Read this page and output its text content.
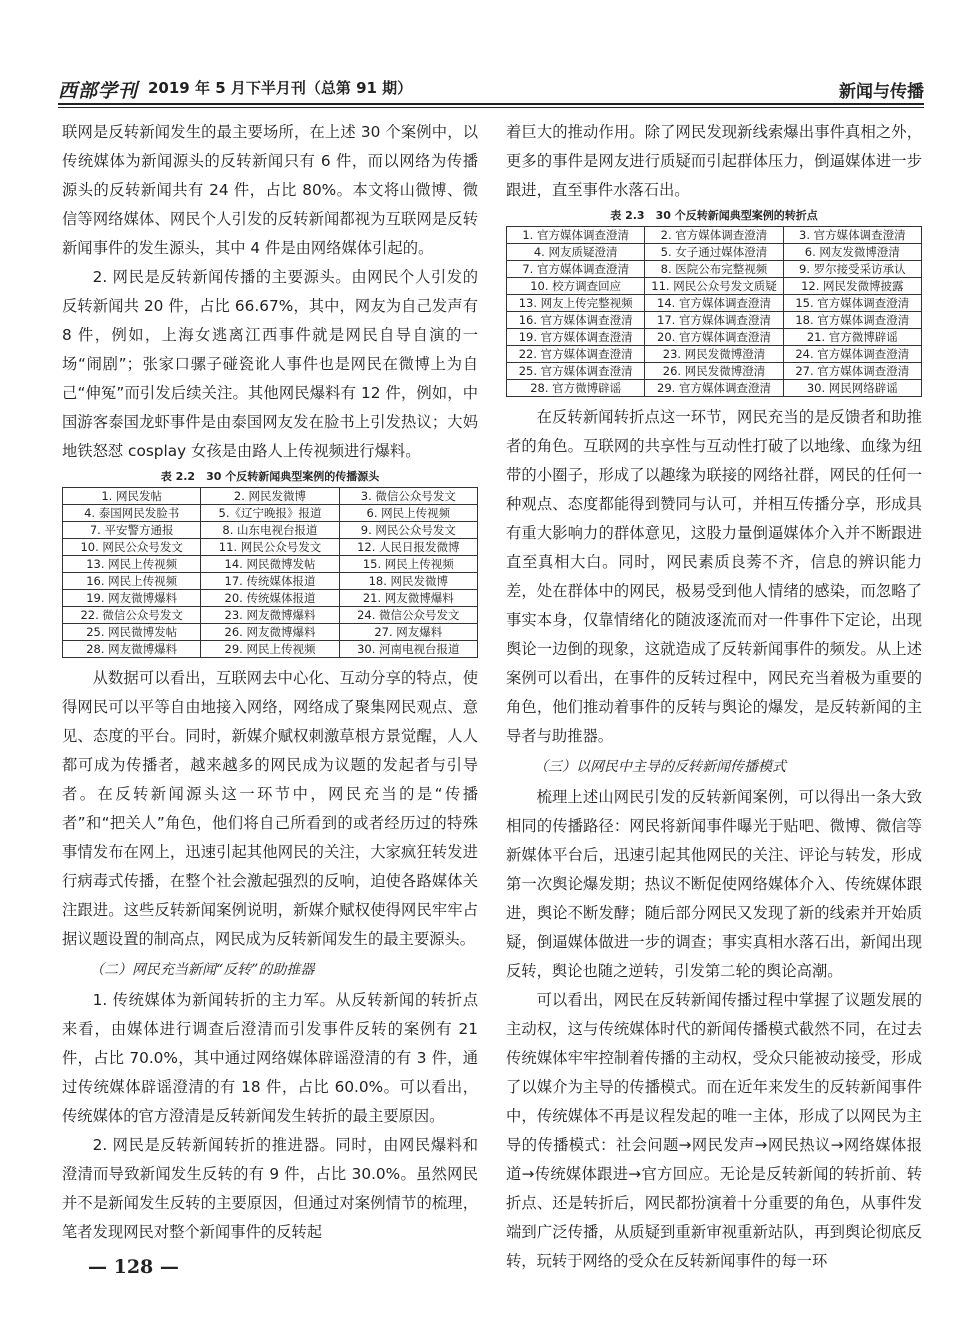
西部学刊 2019 年 5 月下半月刊（总第 91 期）	新闻与传播

联网是反转新闻发生的最主要场所，在上述 30 个案例中，以传统媒体为新闻源头的反转新闻只有 6 件，而以网络为传播源头的反转新闻共有 24 件，占比 80%。本文将山微博、微信等网络媒体、网民个人引发的反转新闻都视为互联网是反转新闻事件的发生源头，其中 4 件是由网络媒体引起的。

2. 网民是反转新闻传播的主要源头。由网民个人引发的反转新闻共 20 件，占比 66.67%，其中，网友为自己发声有 8 件，例如，上海女逃离江西事件就是网民自导自演的一场“闹剧”；张家口骡子碰瓷讹人事件也是网民在微博上为自己“伸冤”而引发后续关注。其他网民爆料有 12 件，例如，中国游客泰国龙虾事件是由泰国网友发在脸书上引发热议；大妈地铁怒怼 cosplay 女孩是由路人上传视频进行爆料。

表 2.2　30 个反转新闻典型案例的传播源头
1. 网民发帖	2. 网民发微博	3. 微信公众号发文
4. 泰国网民发脸书	5.《辽宁晚报》报道	6. 网民上传视频
7. 平安警方通报	8. 山东电视台报道	9. 网民公众号发文
10. 网民公众号发文	11. 网民公众号发文	12. 人民日报发微博
13. 网民上传视频	14. 网民微博发帖	15. 网民上传视频
16. 网民上传视频	17. 传统媒体报道	18. 网民发微博
19. 网友微博爆料	20. 传统媒体报道	21. 网友微博爆料
22. 微信公众号发文	23. 网友微博爆料	24. 微信公众号发文
25. 网民微博发帖	26. 网友微博爆料	27. 网友爆料
28. 网友微博爆料	29. 网民上传视频	30. 河南电视台报道

从数据可以看出，互联网去中心化、互动分享的特点，使得网民可以平等自由地接入网络，网络成了聚集网民观点、意见、态度的平台。同时，新媒介赋权刺激草根方景觉醒，人人都可成为传播者，越来越多的网民成为议题的发起者与引导者。在反转新闻源头这一环节中，网民充当的是“传播者”和“把关人”角色，他们将自己所看到的或者经历过的特殊事情发布在网上，迅速引起其他网民的关注，大家疯狂转发进行病毒式传播，在整个社会激起强烈的反响，迫使各路媒体关注跟进。这些反转新闻案例说明，新媒介赋权使得网民牢牢占据议题设置的制高点，网民成为反转新闻发生的最主要源头。

（二）网民充当新闻“反转”的助推器

1. 传统媒体为新闻转折的主力军。从反转新闻的转折点来看，由媒体进行调查后澄清而引发事件反转的案例有 21 件，占比 70.0%，其中通过网络媒体辟谣澄清的有 3 件，通过传统媒体辟谣澄清的有 18 件，占比 60.0%。可以看出，传统媒体的官方澄清是反转新闻发生转折的最主要原因。

2. 网民是反转新闻转折的推进器。同时，由网民爆料和澄清而导致新闻发生反转的有 9 件，占比 30.0%。虽然网民并不是新闻发生反转的主要原因，但通过对案例情节的梳理，笔者发现网民对整个新闻事件的反转起

着巨大的推动作用。除了网民发现新线索爆出事件真相之外，更多的事件是网友进行质疑而引起群体压力，倒逼媒体进一步跟进，直至事件水落石出。

表 2.3　30 个反转新闻典型案例的转折点
1. 官方媒体调查澄清	2. 官方媒体调查澄清	3. 官方媒体调查澄清
4. 网友质疑澄清	5. 女子通过媒体澄清	6. 网友发微博澄清
7. 官方媒体调查澄清	8. 医院公布完整视频	9. 罗尔接受采访承认
10. 校方调查回应	11. 网民公众号发文质疑	12. 网民发微博披露
13. 网友上传完整视频	14. 官方媒体调查澄清	15. 官方媒体调查澄清
16. 官方媒体调查澄清	17. 官方媒体调查澄清	18. 官方媒体调查澄清
19. 官方媒体调查澄清	20. 官方媒体调查澄清	21. 官方微博辟谣
22. 官方媒体调查澄清	23. 网民发微博澄清	24. 官方媒体调查澄清
25. 官方媒体调查澄清	26. 网民发微博澄清	27. 官方媒体调查澄清
28. 官方微博辟谣	29. 官方媒体调查澄清	30. 网民网络辟谣

在反转新闻转折点这一环节，网民充当的是反馈者和助推者的角色。互联网的共享性与互动性打破了以地缘、血缘为纽带的小圈子，形成了以趣缘为联接的网络社群，网民的任何一种观点、态度都能得到赞同与认可，并相互传播分享，形成具有重大影响力的群体意见，这股力量倒逼媒体介入并不断跟进直至真相大白。同时，网民素质良莠不齐，信息的辨识能力差，处在群体中的网民，极易受到他人情绪的感染，而忽略了事实本身，仅靠情绪化的随波逐流而对一件事件下定论，出现舆论一边倒的现象，这就造成了反转新闻事件的频发。从上述案例可以看出，在事件的反转过程中，网民充当着极为重要的角色，他们推动着事件的反转与舆论的爆发，是反转新闻的主导者与助推器。

（三）以网民中主导的反转新闻传播模式

梳理上述山网民引发的反转新闻案例，可以得出一条大致相同的传播路径：网民将新闻事件曝光于贴吧、微博、微信等新媒体平台后，迅速引起其他网民的关注、评论与转发，形成第一次舆论爆发期；热议不断促使网络媒体介入、传统媒体跟进，舆论不断发酵；随后部分网民又发现了新的线索并开始质疑，倒逼媒体做进一步的调查；事实真相水落石出，新闻出现反转，舆论也随之逆转，引发第二轮的舆论高潮。

可以看出，网民在反转新闻传播过程中掌握了议题发展的主动权，这与传统媒体时代的新闻传播模式截然不同，在过去传统媒体牢牢控制着传播的主动权，受众只能被动接受，形成了以媒介为主导的传播模式。而在近年来发生的反转新闻事件中，传统媒体不再是议程发起的唯一主体，形成了以网民为主导的传播模式：社会问题→网民发声→网民热议→网络媒体报道→传统媒体跟进→官方回应。无论是反转新闻的转折前、转折点、还是转折后，网民都扮演着十分重要的角色，从事件发端到广泛传播，从质疑到重新审视重新站队，再到舆论彻底反转，玩转于网络的受众在反转新闻事件的每一环

— 128 —
